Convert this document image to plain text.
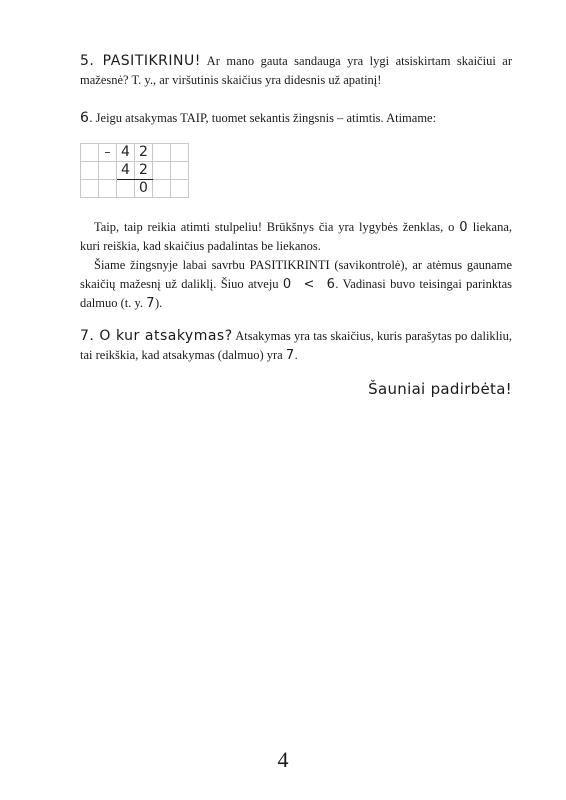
5. PASITIKRINU! Ar mano gauta sandauga yra lygi atsiskirtam skaičiui ar mažesnė? T. y., ar viršutinis skaičius yra didesnis už apatinį!

6. Jeigu atsakymas TAIP, tuomet sekantis žingsnis – atimtis. Atimame:

	–	4	2		
		4	2		
			0		

Taip, taip reikia atimti stulpeliu! Brūkšnys čia yra lygybės ženklas, o 0 liekana, kuri reiškia, kad skaičius padalintas be liekanos.

Šiame žingsnyje labai savrbu PASITIKRINTI (savikontrolė), ar atėmus gauname skaičių mažesnį už daliklį. Šiuo atveju 0  <  6. Vadinasi buvo teisingai parinktas dalmuo (t. y. 7).

7. O kur atsakymas? Atsakymas yra tas skaičius, kuris parašytas po dalikliu, tai reikškia, kad atsakymas (dalmuo) yra 7.

Šauniai padirbėta!
4
